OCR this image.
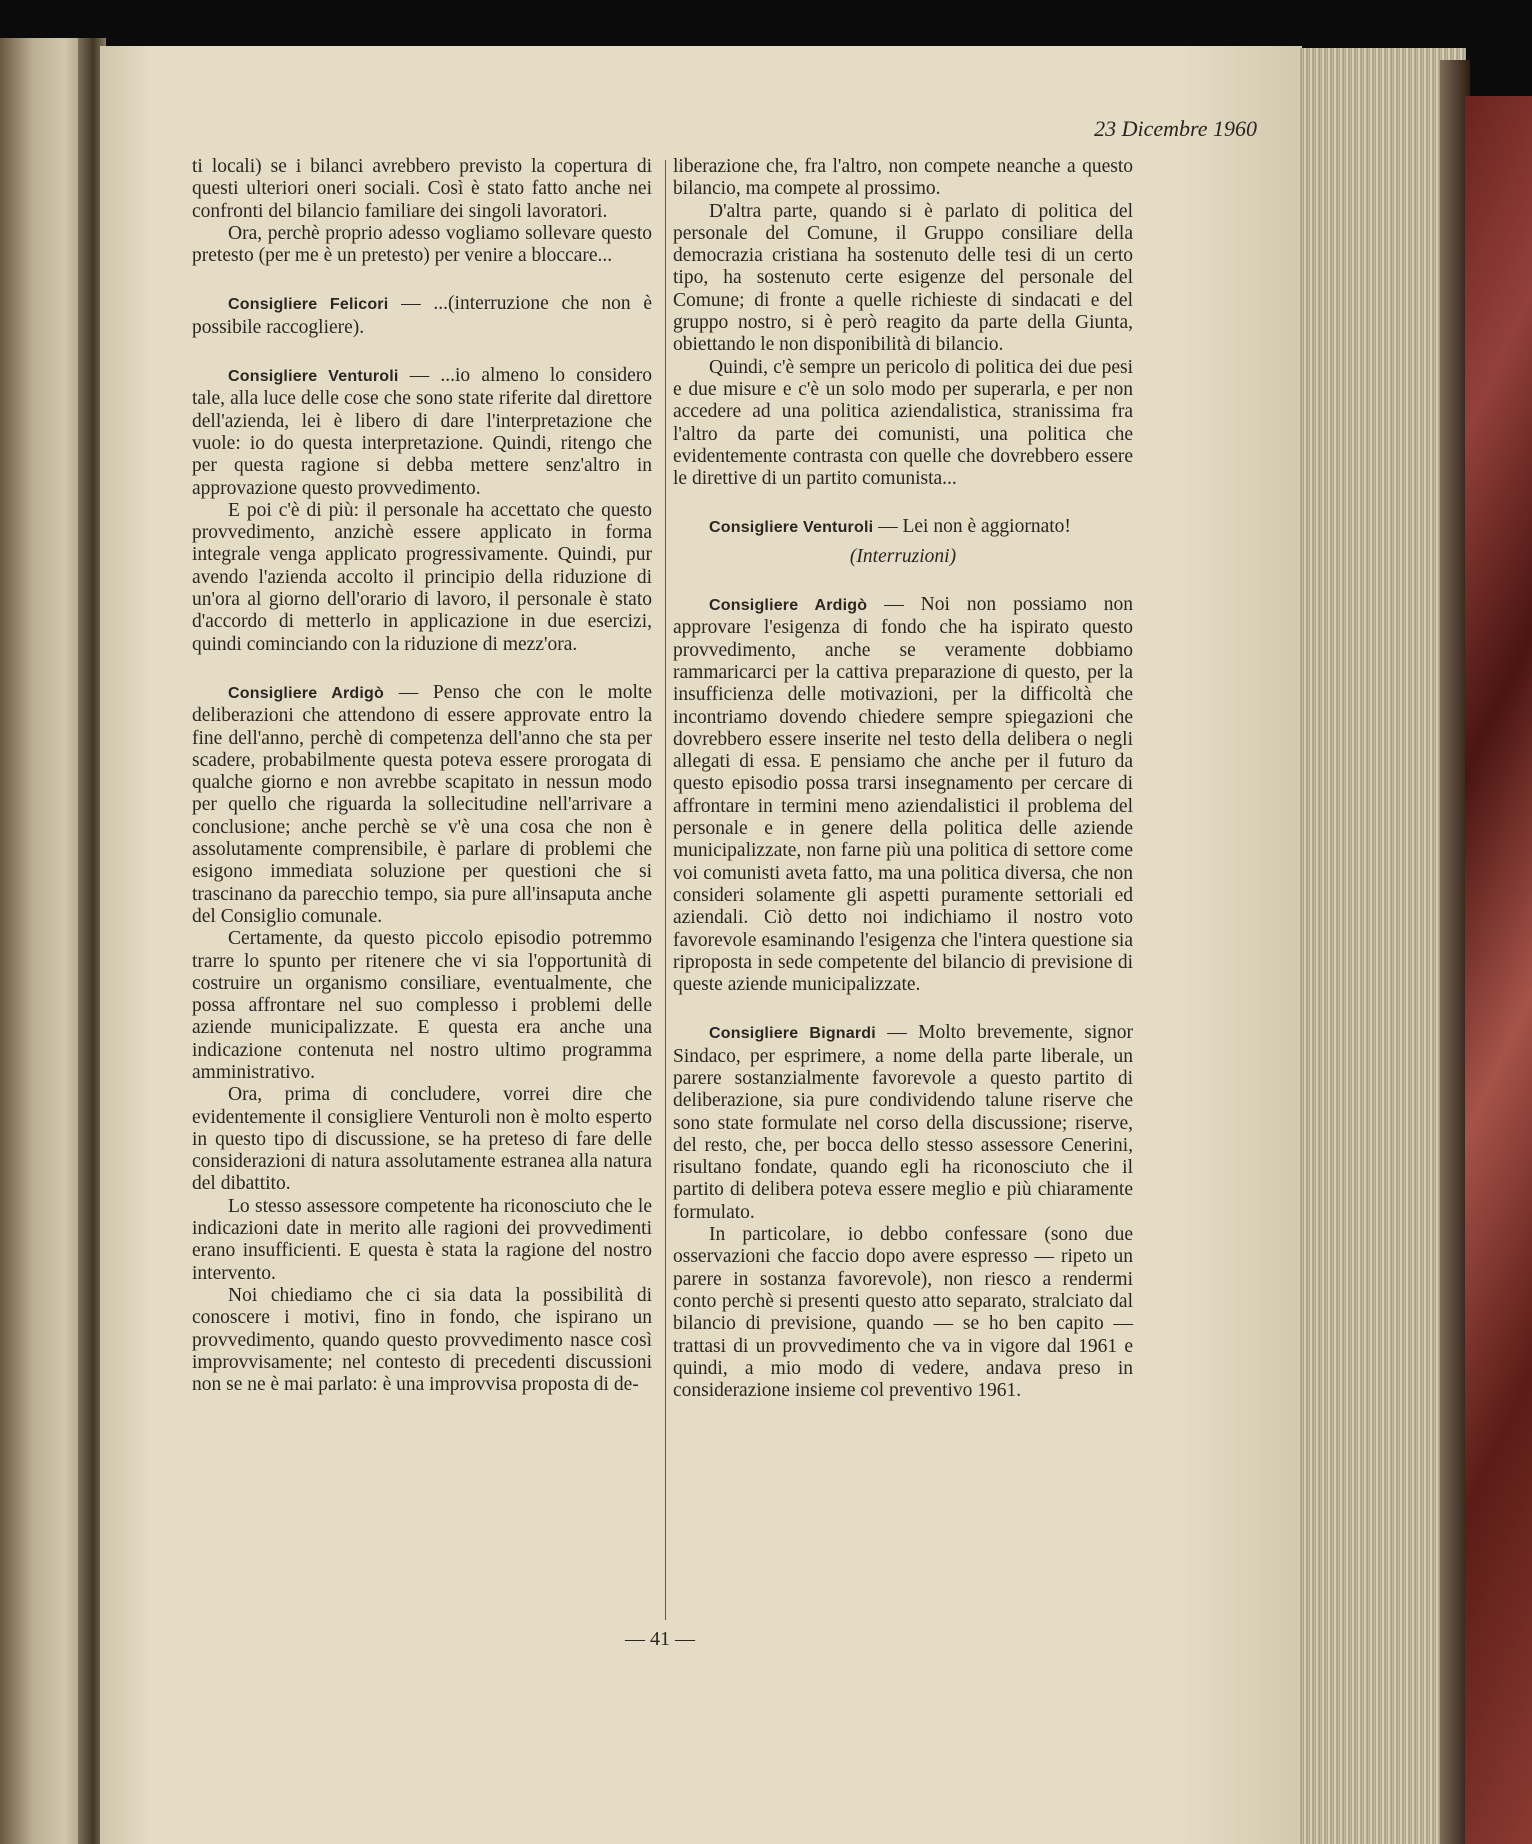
23 Dicembre 1960

ti locali) se i bilanci avrebbero previsto la copertura di questi ulteriori oneri sociali. Così è stato fatto anche nei confronti del bilancio familiare dei singoli lavoratori.

Ora, perchè proprio adesso vogliamo sollevare questo pretesto (per me è un pretesto) per venire a bloccare...

Consigliere Felicori — ...(interruzione che non è possibile raccogliere).

Consigliere Venturoli — ...io almeno lo considero tale, alla luce delle cose che sono state riferite dal direttore dell'azienda, lei è libero di dare l'interpretazione che vuole: io do questa interpretazione. Quindi, ritengo che per questa ragione si debba mettere senz'altro in approvazione questo provvedimento.

E poi c'è di più: il personale ha accettato che questo provvedimento, anzichè essere applicato in forma integrale venga applicato progressivamente. Quindi, pur avendo l'azienda accolto il principio della riduzione di un'ora al giorno dell'orario di lavoro, il personale è stato d'accordo di metterlo in applicazione in due esercizi, quindi cominciando con la riduzione di mezz'ora.

Consigliere Ardigò — Penso che con le molte deliberazioni che attendono di essere approvate entro la fine dell'anno, perchè di competenza dell'anno che sta per scadere, probabilmente questa poteva essere prorogata di qualche giorno e non avrebbe scapitato in nessun modo per quello che riguarda la sollecitudine nell'arrivare a conclusione; anche perchè se v'è una cosa che non è assolutamente comprensibile, è parlare di problemi che esigono immediata soluzione per questioni che si trascinano da parecchio tempo, sia pure all'insaputa anche del Consiglio comunale.

Certamente, da questo piccolo episodio potremmo trarre lo spunto per ritenere che vi sia l'opportunità di costruire un organismo consiliare, eventualmente, che possa affrontare nel suo complesso i problemi delle aziende municipalizzate. E questa era anche una indicazione contenuta nel nostro ultimo programma amministrativo.

Ora, prima di concludere, vorrei dire che evidentemente il consigliere Venturoli non è molto esperto in questo tipo di discussione, se ha preteso di fare delle considerazioni di natura assolutamente estranea alla natura del dibattito.

Lo stesso assessore competente ha riconosciuto che le indicazioni date in merito alle ragioni dei provvedimenti erano insufficienti. E questa è stata la ragione del nostro intervento.

Noi chiediamo che ci sia data la possibilità di conoscere i motivi, fino in fondo, che ispirano un provvedimento, quando questo provvedimento nasce così improvvisamente; nel contesto di precedenti discussioni non se ne è mai parlato: è una improvvisa proposta di de-

liberazione che, fra l'altro, non compete neanche a questo bilancio, ma compete al prossimo.

D'altra parte, quando si è parlato di politica del personale del Comune, il Gruppo consiliare della democrazia cristiana ha sostenuto delle tesi di un certo tipo, ha sostenuto certe esigenze del personale del Comune; di fronte a quelle richieste di sindacati e del gruppo nostro, si è però reagito da parte della Giunta, obiettando le non disponibilità di bilancio.

Quindi, c'è sempre un pericolo di politica dei due pesi e due misure e c'è un solo modo per superarla, e per non accedere ad una politica aziendalistica, stranissima fra l'altro da parte dei comunisti, una politica che evidentemente contrasta con quelle che dovrebbero essere le direttive di un partito comunista...

Consigliere Venturoli — Lei non è aggiornato!

(Interruzioni)

Consigliere Ardigò — Noi non possiamo non approvare l'esigenza di fondo che ha ispirato questo provvedimento, anche se veramente dobbiamo rammaricarci per la cattiva preparazione di questo, per la insufficienza delle motivazioni, per la difficoltà che incontriamo dovendo chiedere sempre spiegazioni che dovrebbero essere inserite nel testo della delibera o negli allegati di essa. E pensiamo che anche per il futuro da questo episodio possa trarsi insegnamento per cercare di affrontare in termini meno aziendalistici il problema del personale e in genere della politica delle aziende municipalizzate, non farne più una politica di settore come voi comunisti aveta fatto, ma una politica diversa, che non consideri solamente gli aspetti puramente settoriali ed aziendali. Ciò detto noi indichiamo il nostro voto favorevole esaminando l'esigenza che l'intera questione sia riproposta in sede competente del bilancio di previsione di queste aziende municipalizzate.

Consigliere Bignardi — Molto brevemente, signor Sindaco, per esprimere, a nome della parte liberale, un parere sostanzialmente favorevole a questo partito di deliberazione, sia pure condividendo talune riserve che sono state formulate nel corso della discussione; riserve, del resto, che, per bocca dello stesso assessore Cenerini, risultano fondate, quando egli ha riconosciuto che il partito di delibera poteva essere meglio e più chiaramente formulato.

In particolare, io debbo confessare (sono due osservazioni che faccio dopo avere espresso — ripeto un parere in sostanza favorevole), non riesco a rendermi conto perchè si presenti questo atto separato, stralciato dal bilancio di previsione, quando — se ho ben capito — trattasi di un provvedimento che va in vigore dal 1961 e quindi, a mio modo di vedere, andava preso in considerazione insieme col preventivo 1961.

— 41 —
